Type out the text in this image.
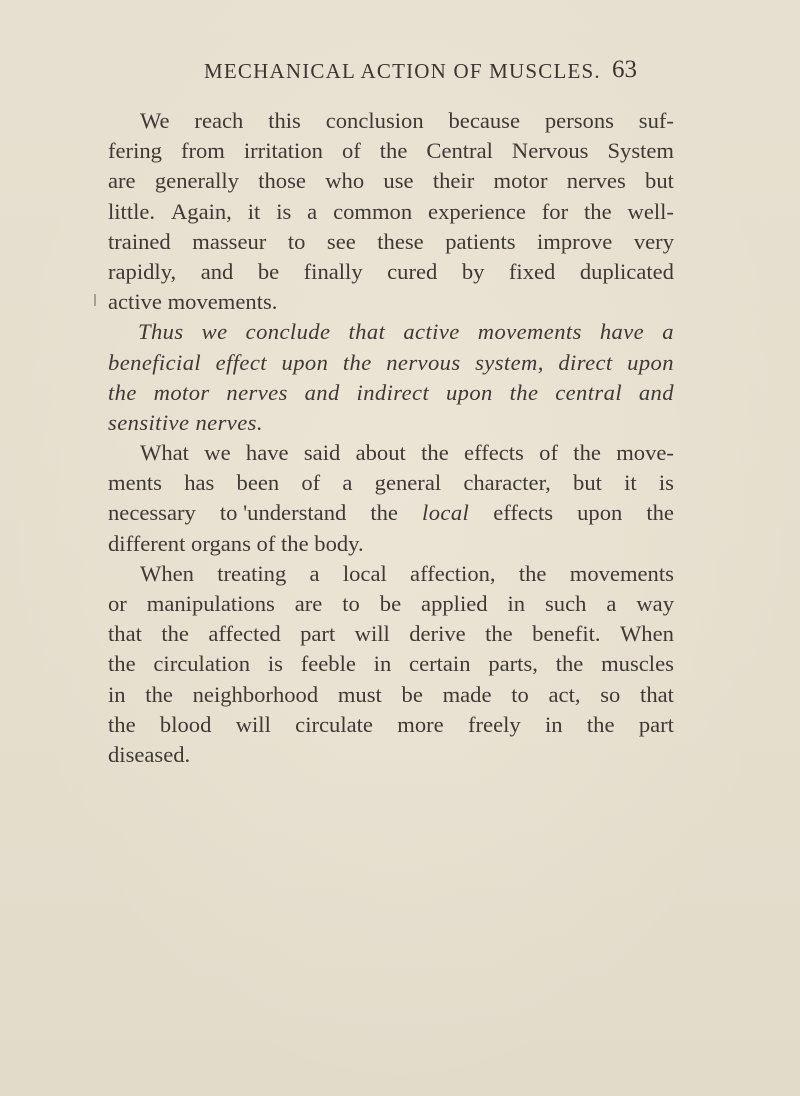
MECHANICAL ACTION OF MUSCLES. 63
We reach this conclusion because persons suf-
fering from irritation of the Central Nervous System
are generally those who use their motor nerves but
little. Again, it is a common experience for the well-
trained masseur to see these patients improve very
rapidly, and be finally cured by fixed duplicated
active
movements.
Thus we conclude that active movements have a
beneficial effect upon the nervous system, direct upon
the motor nerves and indirect upon the central and
sensitive
nerves.
What we have said about the effects of the move-
ments has been of a general character, but it is
necessary to 'understand the local effects upon the
different
organs
of
the
body.
When treating a local affection, the movements
or manipulations are to be applied in such a way
that the affected part will derive the benefit. When
the circulation is feeble in certain parts, the muscles
in the neighborhood must be made to act, so that
the blood will circulate more freely in the part
diseased.
